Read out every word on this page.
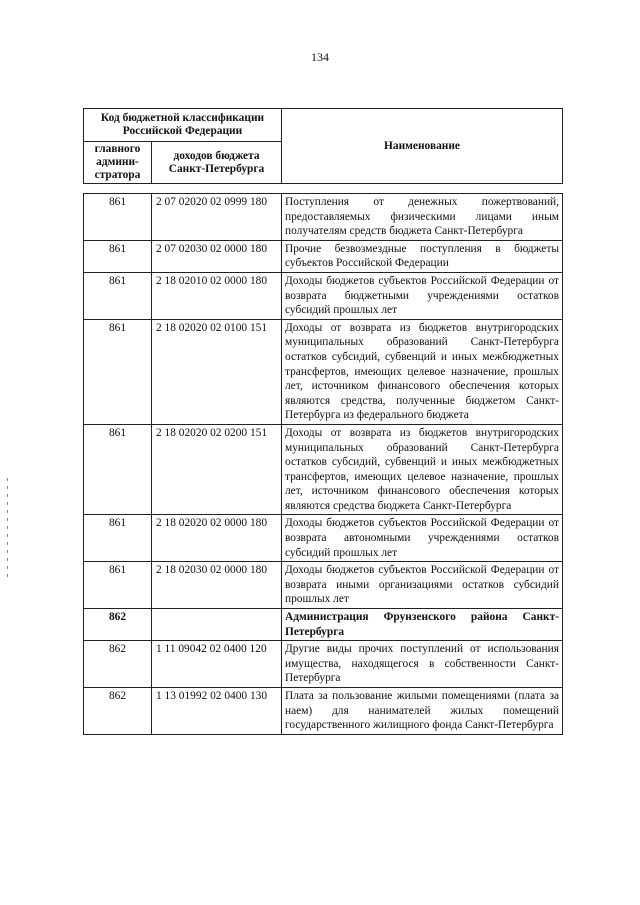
134
Код бюджетной классификации Российской Федерации		Наименование
главного админи-стратора	доходов бюджета Санкт-Петербурга	
861	2 07 02020 02 0999 180	Поступления от денежных пожертвований, предоставляемых физическими лицами иным получателям средств бюджета Санкт-Петербурга
861	2 07 02030 02 0000 180	Прочие безвозмездные поступления в бюджеты субъектов Российской Федерации
861	2 18 02010 02 0000 180	Доходы бюджетов субъектов Российской Федерации от возврата бюджетными учреждениями остатков субсидий прошлых лет
861	2 18 02020 02 0100 151	Доходы от возврата из бюджетов внутригородских муниципальных образований Санкт-Петербурга остатков субсидий, субвенций и иных межбюджетных трансфертов, имеющих целевое назначение, прошлых лет, источником финансового обеспечения которых являются средства, полученные бюджетом Санкт-Петербурга из федерального бюджета
861	2 18 02020 02 0200 151	Доходы от возврата из бюджетов внутригородских муниципальных образований Санкт-Петербурга остатков субсидий, субвенций и иных межбюджетных трансфертов, имеющих целевое назначение, прошлых лет, источником финансового обеспечения которых являются средства бюджета Санкт-Петербурга
861	2 18 02020 02 0000 180	Доходы бюджетов субъектов Российской Федерации от возврата автономными учреждениями остатков субсидий прошлых лет
861	2 18 02030 02 0000 180	Доходы бюджетов субъектов Российской Федерации от возврата иными организациями остатков субсидий прошлых лет
862		Администрация Фрунзенского района Санкт-Петербурга
862	1 11 09042 02 0400 120	Другие виды прочих поступлений от использования имущества, находящегося в собственности Санкт-Петербурга
862	1 13 01992 02 0400 130	Плата за пользование жилыми помещениями (плата за наем) для нанимателей жилых помещений государственного жилищного фонда Санкт-Петербурга
